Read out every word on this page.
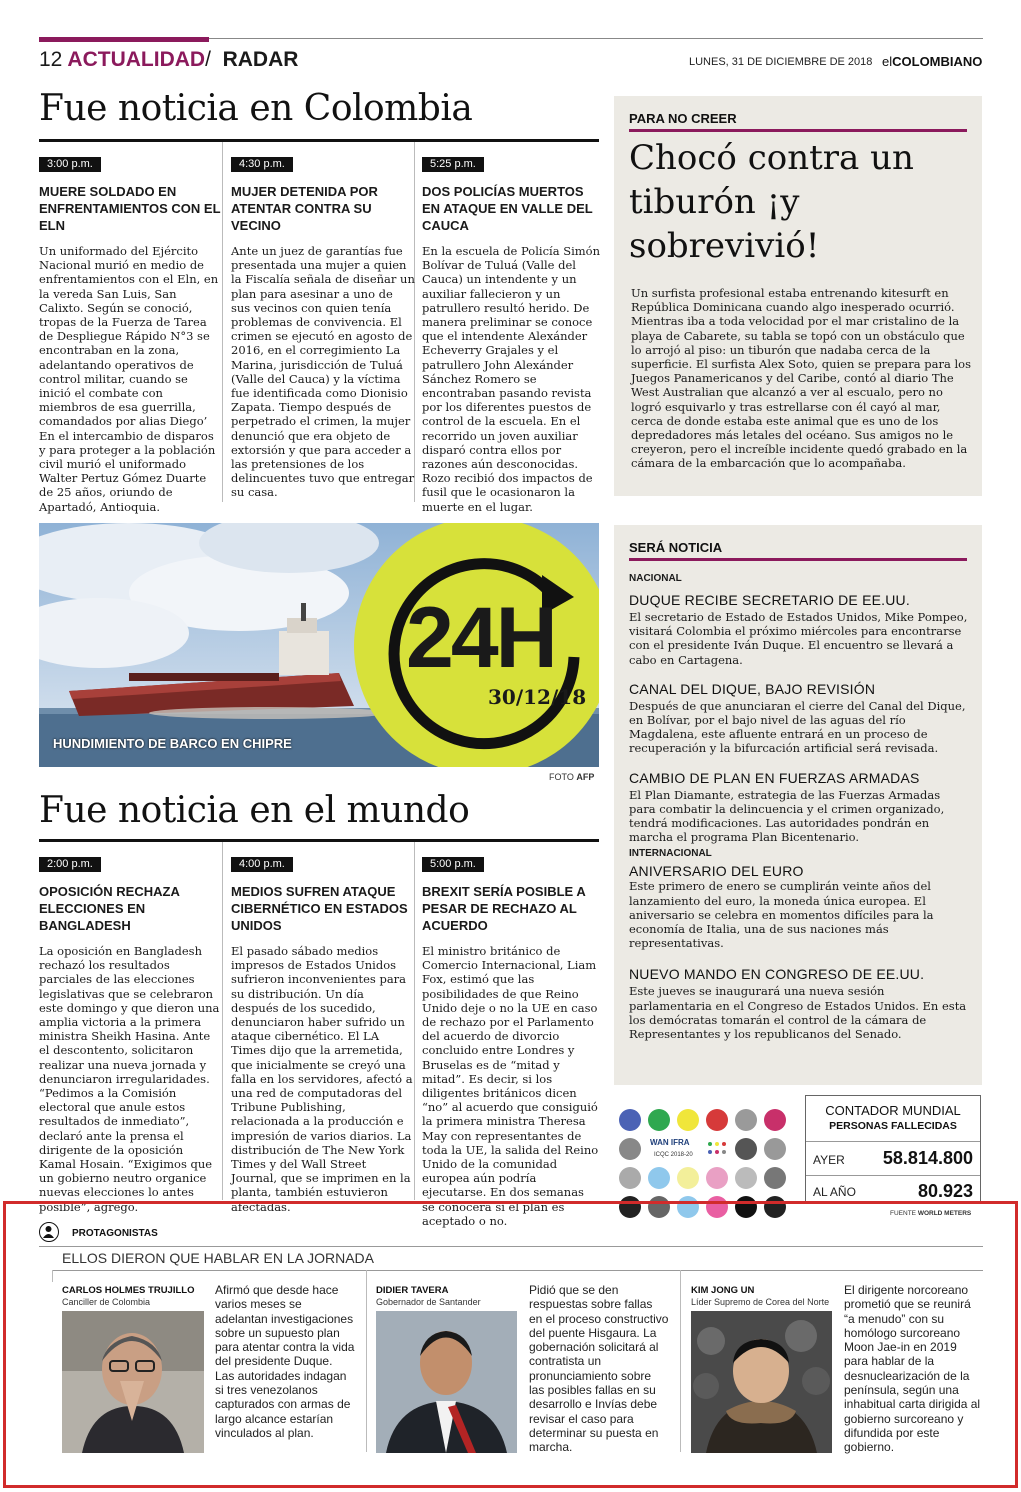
12 ACTUALIDAD/ RADAR	LUNES, 31 DE DICIEMBRE DE 2018 elCOLOMBIANO
Fue noticia en Colombia
3:00 p.m.
MUERE SOLDADO EN ENFRENTAMIENTOS CON EL ELN

Un uniformado del Ejército Nacional murió en medio de enfrentamientos con el Eln, en la vereda San Luis, San Calixto. Según se conoció, tropas de la Fuerza de Tarea de Despliegue Rápido N°3 se encontraban en la zona, adelantando operativos de control militar, cuando se inició el combate con miembros de esa guerrilla, comandados por alias Diego’ En el intercambio de disparos y para proteger a la población civil murió el uniformado Walter Pertuz Gómez Duarte de 25 años, oriundo de Apartadó, Antioquia.

4:30 p.m.
MUJER DETENIDA POR ATENTAR CONTRA SU VECINO

Ante un juez de garantías fue presentada una mujer a quien la Fiscalía señala de diseñar un plan para asesinar a uno de sus vecinos con quien tenía problemas de convivencia. El crimen se ejecutó en agosto de 2016, en el corregimiento La Marina, jurisdicción de Tuluá (Valle del Cauca) y la víctima fue identificada como Dionisio Zapata. Tiempo después de perpetrado el crimen, la mujer denunció que era objeto de extorsión y que para acceder a las pretensiones de los delincuentes tuvo que entregar su casa.

5:25 p.m.
DOS POLICÍAS MUERTOS EN ATAQUE EN VALLE DEL CAUCA

En la escuela de Policía Simón Bolívar de Tuluá (Valle del Cauca) un intendente y un auxiliar fallecieron y un patrullero resultó herido. De manera preliminar se conoce que el intendente Alexánder Echeverry Grajales y el patrullero John Alexánder Sánchez Romero se encontraban pasando revista por los diferentes puestos de control de la escuela. En el recorrido un joven auxiliar disparó contra ellos por razones aún desconocidas. Rozo recibió dos impactos de fusil que le ocasionaron la muerte en el lugar.

PARA NO CREER
Chocó contra un tiburón ¡y sobrevivió!

Un surfista profesional estaba entrenando kitesurft en República Dominicana cuando algo inesperado ocurrió. Mientras iba a toda velocidad por el mar cristalino de la playa de Cabarete, su tabla se topó con un obstáculo que lo arrojó al piso: un tiburón que nadaba cerca de la superficie. El surfista Alex Soto, quien se prepara para los Juegos Panamericanos y del Caribe, contó al diario The West Australian que alcanzó a ver al escualo, pero no logró esquivarlo y tras estrellarse con él cayó al mar, cerca de donde estaba este animal que es uno de los depredadores más letales del océano. Sus amigos no le creyeron, pero el increíble incidente quedó grabado en la cámara de la embarcación que lo acompañaba.

24H
30/12/18
HUNDIMIENTO DE BARCO EN CHIPRE
FOTO AFP
SERÁ NOTICIA
NACIONAL
DUQUE RECIBE SECRETARIO DE EE.UU.

El secretario de Estado de Estados Unidos, Mike Pompeo, visitará Colombia el próximo miércoles para encontrarse con el presidente Iván Duque. El encuentro se llevará a cabo en Cartagena.

CANAL DEL DIQUE, BAJO REVISIÓN

Después de que anunciaran el cierre del Canal del Dique, en Bolívar, por el bajo nivel de las aguas del río Magdalena, este afluente entrará en un proceso de recuperación y la bifurcación artificial será revisada.

CAMBIO DE PLAN EN FUERZAS ARMADAS

El Plan Diamante, estrategia de las Fuerzas Armadas para combatir la delincuencia y el crimen organizado, tendrá modificaciones. Las autoridades pondrán en marcha el programa Plan Bicentenario.

INTERNACIONAL
ANIVERSARIO DEL EURO

Este primero de enero se cumplirán veinte años del lanzamiento del euro, la moneda única europea. El aniversario se celebra en momentos difíciles para la economía de Italia, una de sus naciones más representativas.

NUEVO MANDO EN CONGRESO DE EE.UU.

Este jueves se inaugurará una nueva sesión parlamentaria en el Congreso de Estados Unidos. En esta los demócratas tomarán el control de la cámara de Representantes y los republicanos del Senado.

Fue noticia en el mundo
2:00 p.m.
OPOSICIÓN RECHAZA ELECCIONES EN BANGLADESH

La oposición en Bangladesh rechazó los resultados parciales de las elecciones legislativas que se celebraron este domingo y que dieron una amplia victoria a la primera ministra Sheikh Hasina. Ante el descontento, solicitaron realizar una nueva jornada y denunciaron irregularidades. “Pedimos a la Comisión electoral que anule estos resultados de inmediato”, declaró ante la prensa el dirigente de la oposición Kamal Hosain. “Exigimos que un gobierno neutro organice nuevas elecciones lo antes posible”, agregó.

4:00 p.m.
MEDIOS SUFREN ATAQUE CIBERNÉTICO EN ESTADOS UNIDOS

El pasado sábado medios impresos de Estados Unidos sufrieron inconvenientes para su distribución. Un día después de los sucedido, denunciaron haber sufrido un ataque cibernético. El LA Times dijo que la arremetida, que inicialmente se creyó una falla en los servidores, afectó a una red de computadoras del Tribune Publishing, relacionada a la producción e impresión de varios diarios. La distribución de The New York Times y del Wall Street Journal, que se imprimen en la planta, también estuvieron afectadas.

5:00 p.m.
BREXIT SERÍA POSIBLE A PESAR DE RECHAZO AL ACUERDO

El ministro británico de Comercio Internacional, Liam Fox, estimó que las posibilidades de que Reino Unido deje o no la UE en caso de rechazo por el Parlamento del acuerdo de divorcio concluido entre Londres y Bruselas es de “mitad y mitad”. Es decir, si los diligentes británicos dicen “no” al acuerdo que consiguió la primera ministra Theresa May con representantes de toda la UE, la salida del Reino Unido de la comunidad europea aún podría ejecutarse. En dos semanas se conocerá si el plan es aceptado o no.

WAN IFRA
ICQC 2018-20
CONTADOR MUNDIAL
PERSONAS FALLECIDAS
AYER 58.814.800
AL AÑO	80.923
FUENTE WORLD METERS
PROTAGONISTAS
ELLOS DIERON QUE HABLAR EN LA JORNADA
CARLOS HOLMES TRUJILLO
Canciller de Colombia
Afirmó que desde hace varios meses se adelantan investigaciones sobre un supuesto plan para atentar contra la vida del presidente Duque. Las autoridades indagan si tres venezolanos capturados con armas de largo alcance estarían vinculados al plan.
DIDIER TAVERA
Gobernador de Santander
Pidió que se den respuestas sobre fallas en el proceso constructivo del puente Hisgaura. La gobernación solicitará al contratista un pronunciamiento sobre las posibles fallas en su desarrollo e Invías debe revisar el caso para determinar su puesta en marcha.
KIM JONG UN
Líder Supremo de Corea del Norte
El dirigente norcoreano prometió que se reunirá “a menudo” con su homólogo surcoreano Moon Jae-in en 2019 para hablar de la desnuclearización de la península, según una inhabitual carta dirigida al gobierno surcoreano y difundida por este gobierno.
